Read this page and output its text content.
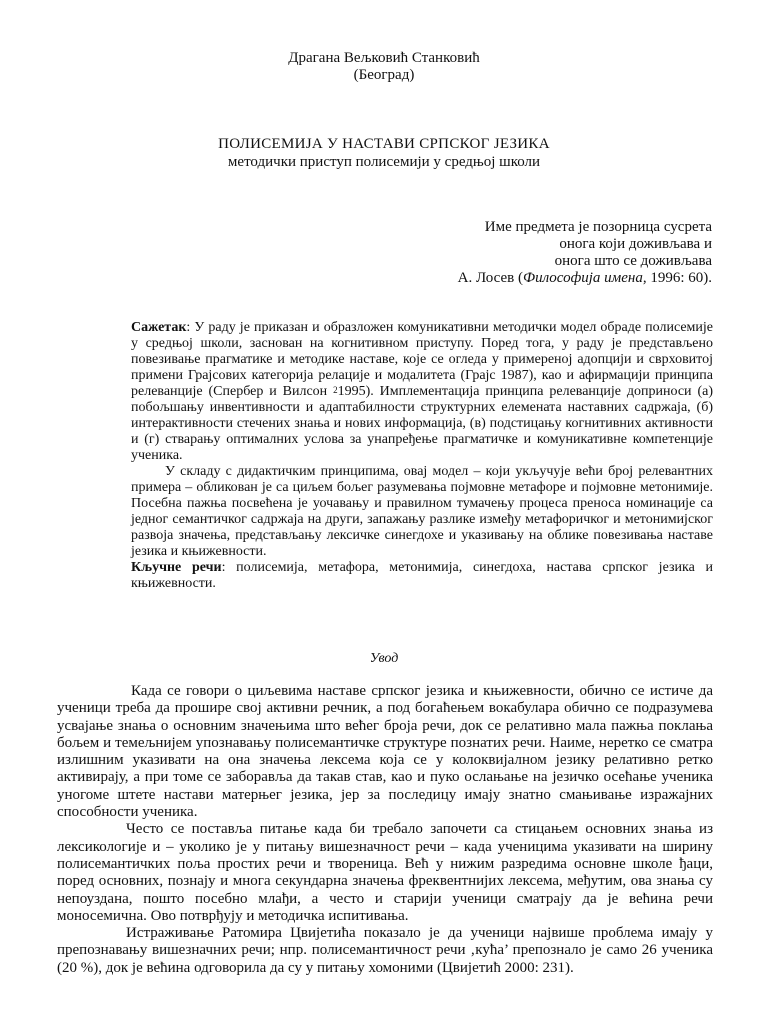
Драгана Вељковић Станковић
(Београд)
ПОЛИСЕМИЈА У НАСТАВИ СРПСКОГ ЈЕЗИКА
методички приступ полисемији у средњој школи
Име предмета је позорница сусрета
онога који доживљава и
онога што се доживљава
А. Лосев (Философија имена, 1996: 60).

Сажетак: У раду је приказан и образложен комуникативни методички модел обраде полисемије у средњој школи, заснован на когнитивном приступу. Поред тога, у раду је представљено повезивање прагматике и методике наставе, које се огледа у примереној адопцији и сврховитој примени Грајсових категорија релације и модалитета (Грајс 1987), као и афирмацији принципа релеванције (Спербер и Вилсон $^2$1995). Имплементација принципа релеванције доприноси (а) побољшању инвентивности и адаптабилности структурних елемената наставних садржаја, (б) интерактивности стечених знања и нових информација, (в) подстицању когнитивних активности и (г) стварању оптималних услова за унапређење прагматичке и комуникативне компетенције ученика.

У складу с дидактичким принципима, овај модел – који укључује већи број релевантних примера – обликован је са циљем бољег разумевања појмовне метафоре и појмовне метонимије. Посебна пажња посвећена је уочавању и правилном тумачењу процеса преноса номинације са једног семантичког садржаја на други, запажању разлике између метафоричког и метонимијског развоја значења, представљању лексичке синегдохе и указивању на облике повезивања наставе језика и књижевности.

Кључне речи: полисемија, метафора, метонимија, синегдоха, настава српског језика и књижевности.

Увод

Када се говори о циљевима наставе српског језика и књижевности, обично се истиче да ученици треба да прошире свој активни речник, а под богаћењем вокабулара обично се подразумева усвајање знања о основним значењима што већег броја речи, док се релативно мала пажња поклања бољем и темељнијем упознавању полисемантичке структуре познатих речи. Наиме, неретко се сматра излишним указивати на она значења лексема која се у колоквијалном језику релативно ретко активирају, а при томе се заборавља да такав став, као и пуко ослањање на језичко осећање ученика уногоме штете настави матерњег језика, јер за последицу имају знатно смањивање изражајних способности ученика.

Често се поставља питање када би требало започети са стицањем основних знања из лексикологије и – уколико је у питању вишезначност речи – када ученицима указивати на ширину полисемантичких поља простих речи и твореница. Већ у нижим разредима основне школе ђаци, поред основних, познају и многа секундарна значења фреквентнијих лексема, међутим, ова знања су непоуздана, пошто посебно млађи, а често и старији ученици сматрају да је већина речи моносемична. Ово потврђују и методичка испитивања.

Истраживање Ратомира Цвијетића показало је да ученици највише проблема имају у препознавању вишезначних речи; нпр. полисемантичност речи ‚кућа’ препознало је само 26 ученика (20 %), док је већина одговорила да су у питању хомоними (Цвијетић 2000: 231).
